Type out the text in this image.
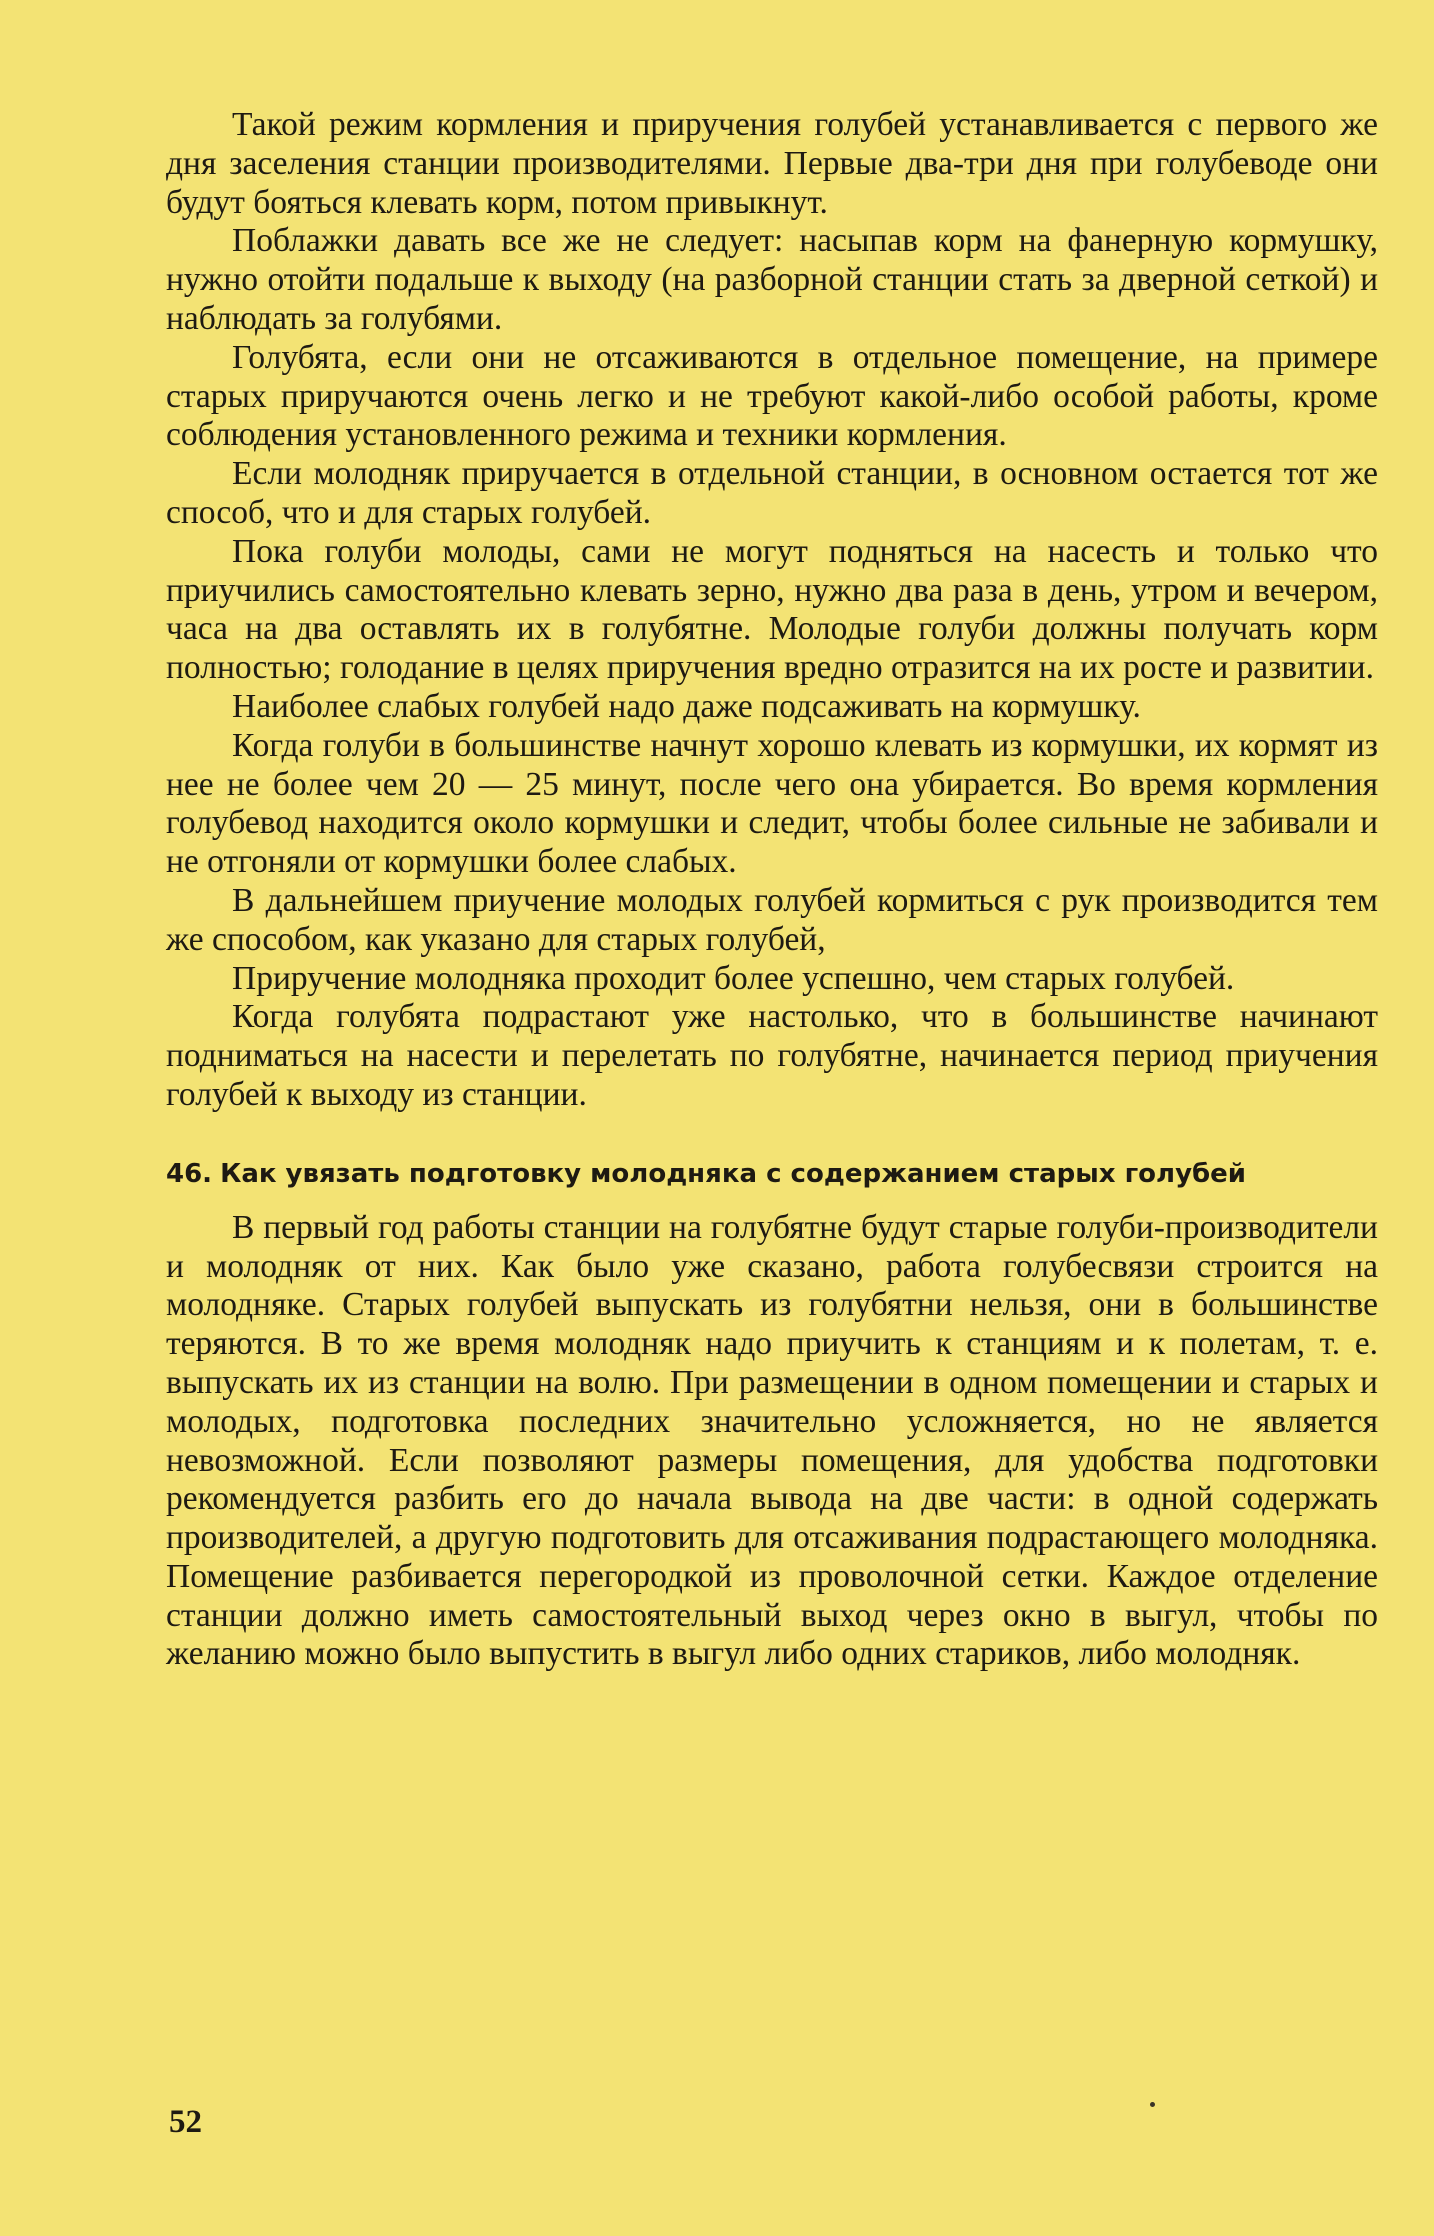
Такой режим кормления и приручения голубей устанавливается с первого же дня заселения станции производителями. Первые два-три дня при голубеводе они будут бояться клевать корм, потом привыкнут.

Поблажки давать все же не следует: насыпав корм на фанерную кормушку, нужно отойти подальше к выходу (на разборной станции стать за дверной сеткой) и наблюдать за голубями.

Голубята, если они не отсаживаются в отдельное помещение, на примере старых приручаются очень легко и не требуют какой-либо особой работы, кроме соблюдения установленного режима и техники кормления.

Если молодняк приручается в отдельной станции, в основном остается тот же способ, что и для старых голубей.

Пока голуби молоды, сами не могут подняться на насесть и только что приучились самостоятельно клевать зерно, нужно два раза в день, утром и вечером, часа на два оставлять их в голубятне. Молодые голуби должны получать корм полностью; голодание в целях приручения вредно отразится на их росте и развитии.

Наиболее слабых голубей надо даже подсаживать на кормушку.

Когда голуби в большинстве начнут хорошо клевать из кормушки, их кормят из нее не более чем 20 — 25 минут, после чего она убирается. Во время кормления голубевод находится около кормушки и следит, чтобы более сильные не забивали и не отгоняли от кормушки более слабых.

В дальнейшем приучение молодых голубей кормиться с рук производится тем же способом, как указано для старых голубей,

Приручение молодняка проходит более успешно, чем старых голубей.

Когда голубята подрастают уже настолько, что в большинстве начинают подниматься на насести и перелетать по голубятне, начинается период приучения голубей к выходу из станции.

46. Как увязать подготовку молодняка с содержанием старых голубей

В первый год работы станции на голубятне будут старые голуби-производители и молодняк от них. Как было уже сказано, работа голубесвязи строится на молодняке. Старых голубей выпускать из голубятни нельзя, они в большинстве теряются. В то же время молодняк надо приучить к станциям и к полетам, т. е. выпускать их из станции на волю. При размещении в одном помещении и старых и молодых, подготовка последних значительно усложняется, но не является невозможной. Если позволяют размеры помещения, для удобства подготовки рекомендуется разбить его до начала вывода на две части: в одной содержать производителей, а другую подготовить для отсаживания подрастающего молодняка. Помещение разбивается перегородкой из проволочной сетки. Каждое отделение станции должно иметь самостоятельный выход через окно в выгул, чтобы по желанию можно было выпустить в выгул либо одних стариков, либо молодняк.

52
